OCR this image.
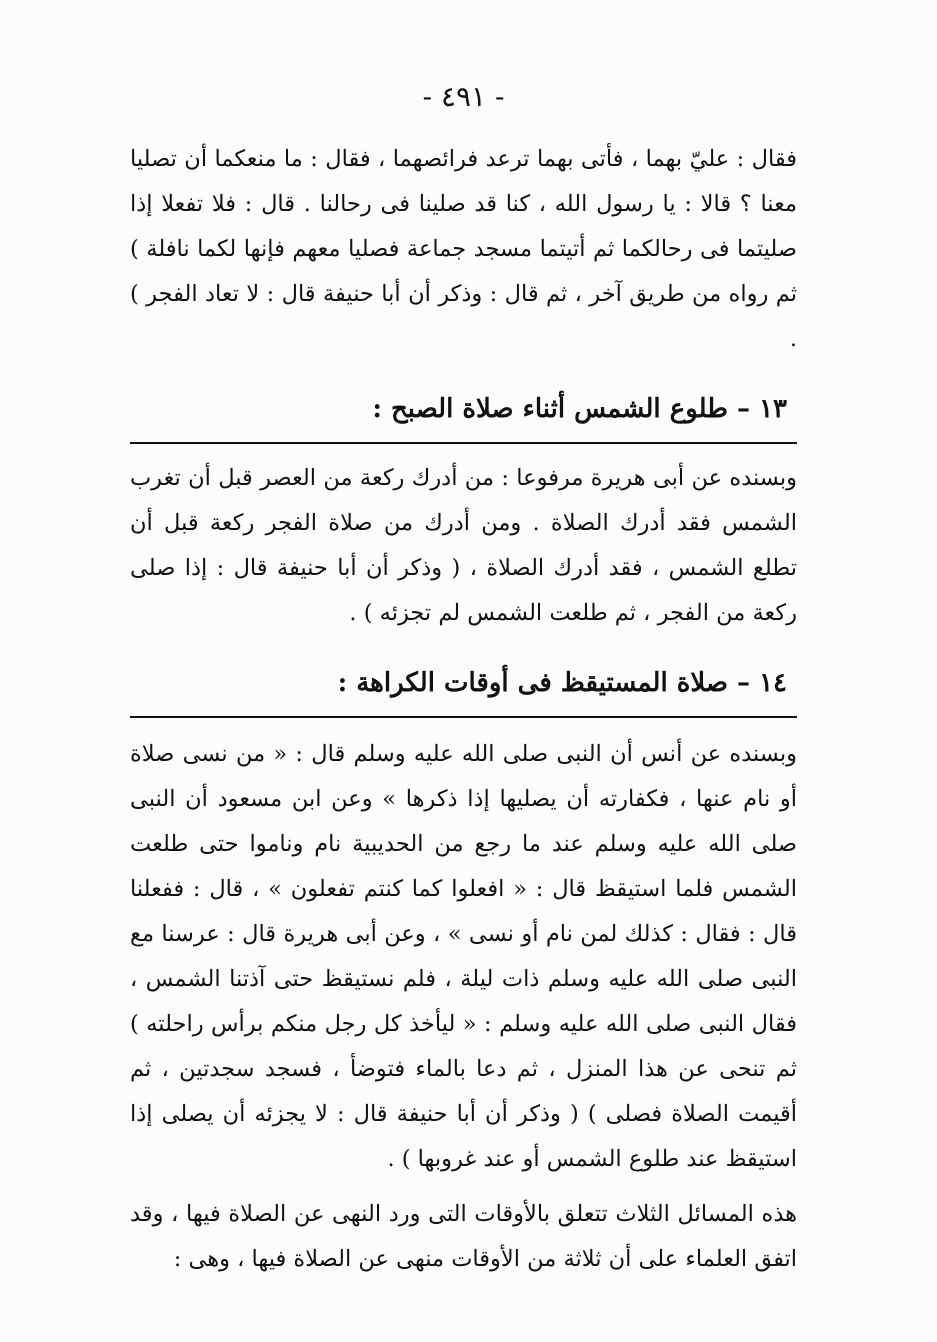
- ٤٩١ -

فقال : عليّ بهما ، فأتى بهما ترعد فرائصهما ، فقال : ما منعكما أن تصليا معنا ؟ قالا : يا رسول الله ، كنا قد صلينا فى رحالنا . قال : فلا تفعلا إذا صليتما فى رحالكما ثم أتيتما مسجد جماعة فصليا معهم فإنها لكما نافلة ) ثم رواه من طريق آخر ، ثم قال : وذكر أن أبا حنيفة قال : لا تعاد الفجر ) .

١٣ – طلوع الشمس أثناء صلاة الصبح :

وبسنده عن أبى هريرة مرفوعا : من أدرك ركعة من العصر قبل أن تغرب الشمس فقد أدرك الصلاة . ومن أدرك من صلاة الفجر ركعة قبل أن تطلع الشمس ، فقد أدرك الصلاة ، ( وذكر أن أبا حنيفة قال : إذا صلى ركعة من الفجر ، ثم طلعت الشمس لم تجزئه ) .

١٤ – صلاة المستيقظ فى أوقات الكراهة :

وبسنده عن أنس أن النبى صلى الله عليه وسلم قال : « من نسى صلاة أو نام عنها ، فكفارته أن يصليها إذا ذكرها » وعن ابن مسعود أن النبى صلى الله عليه وسلم عند ما رجع من الحديبية نام وناموا حتى طلعت الشمس فلما استيقظ قال : « افعلوا كما كنتم تفعلون » ، قال : ففعلنا قال : فقال : كذلك لمن نام أو نسى » ، وعن أبى هريرة قال : عرسنا مع النبى صلى الله عليه وسلم ذات ليلة ، فلم نستيقظ حتى آذتنا الشمس ، فقال النبى صلى الله عليه وسلم : « ليأخذ كل رجل منكم برأس راحلته ) ثم تنحى عن هذا المنزل ، ثم دعا بالماء فتوضأ ، فسجد سجدتين ، ثم أقيمت الصلاة فصلى ) ( وذكر أن أبا حنيفة قال : لا يجزئه أن يصلى إذا استيقظ عند طلوع الشمس أو عند غروبها ) .

هذه المسائل الثلاث تتعلق بالأوقات التى ورد النهى عن الصلاة فيها ، وقد اتفق العلماء على أن ثلاثة من الأوقات منهى عن الصلاة فيها ، وهى :
